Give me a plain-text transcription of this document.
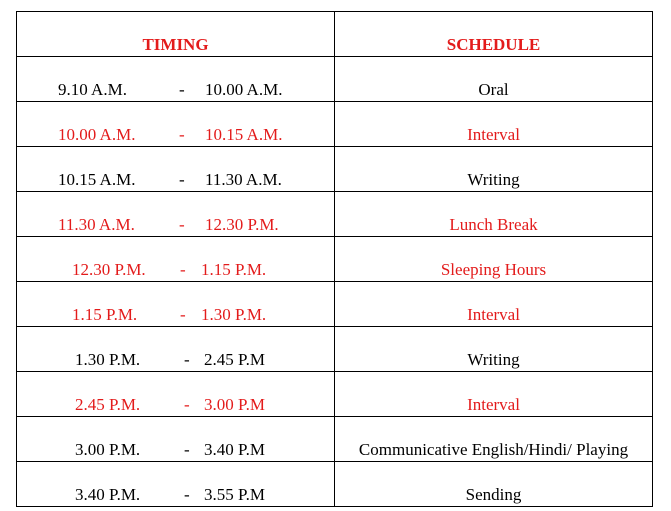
TIMING	SCHEDULE

9.10 A.M. - 10.00 A.M.	Oral

10.00 A.M. - 10.15 A.M.	Interval

10.15 A.M. - 11.30 A.M.	Writing

11.30 A.M. - 12.30 P.M.	Lunch Break

12.30 P.M. - 1.15 P.M.	Sleeping Hours

1.15 P.M. - 1.30 P.M.	Interval

1.30 P.M. - 2.45 P.M	Writing

2.45 P.M. - 3.00 P.M	Interval

3.00 P.M. - 3.40 P.M	Communicative English/Hindi/ Playing

3.40 P.M. - 3.55 P.M	Sending
